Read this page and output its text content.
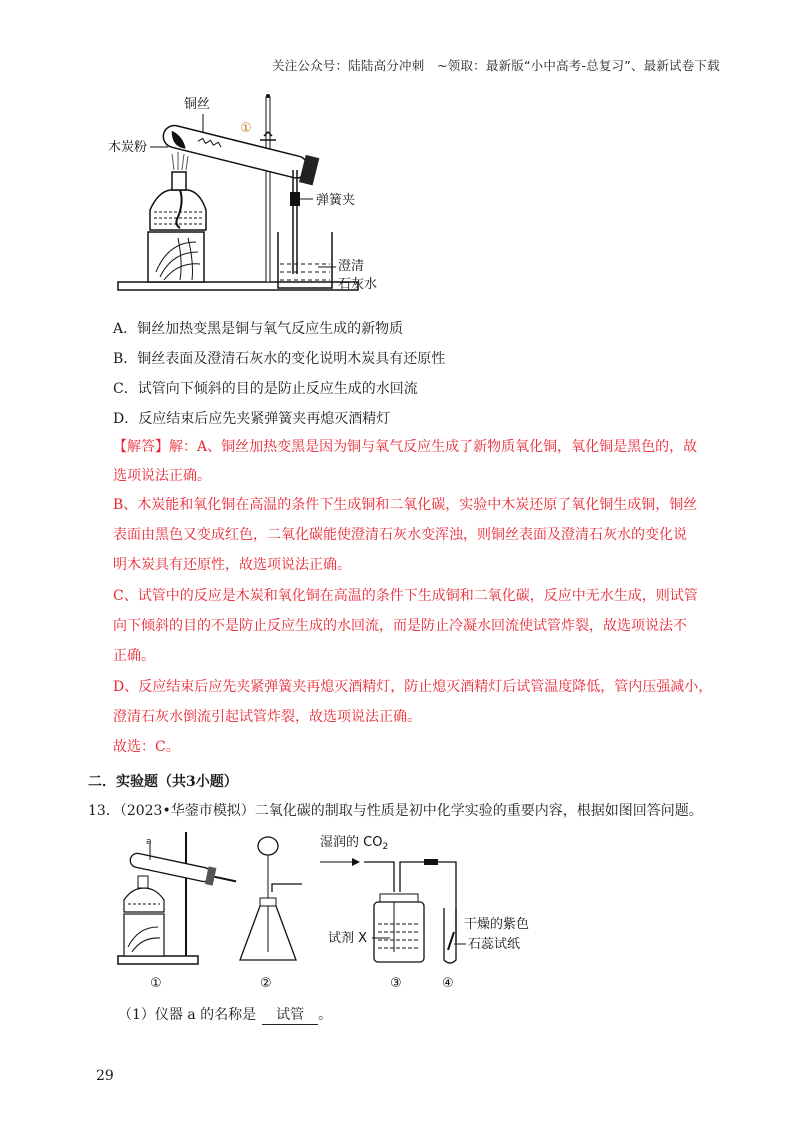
关注公众号：陆陆高分冲刺　~领取：最新版“小中高考-总复习”、最新试卷下载
铜丝
木炭粉
①
弹簧夹
澄清
石灰水
A．铜丝加热变黑是铜与氧气反应生成的新物质
B．铜丝表面及澄清石灰水的变化说明木炭具有还原性
C．试管向下倾斜的目的是防止反应生成的水回流
D．反应结束后应先夹紧弹簧夹再熄灭酒精灯
【解答】解：A、铜丝加热变黑是因为铜与氧气反应生成了新物质氧化铜，氧化铜是黑色的，故
选项说法正确。
B、木炭能和氧化铜在高温的条件下生成铜和二氧化碳，实验中木炭还原了氧化铜生成铜，铜丝
表面由黑色又变成红色，二氧化碳能使澄清石灰水变浑浊，则铜丝表面及澄清石灰水的变化说
明木炭具有还原性，故选项说法正确。
C、试管中的反应是木炭和氧化铜在高温的条件下生成铜和二氧化碳，反应中无水生成，则试管
向下倾斜的目的不是防止反应生成的水回流，而是防止冷凝水回流使试管炸裂，故选项说法不
正确。
D、反应结束后应先夹紧弹簧夹再熄灭酒精灯，防止熄灭酒精灯后试管温度降低，管内压强减小，
澄清石灰水倒流引起试管炸裂，故选项说法正确。
故选：C。
二．实验题（共3小题）
13．（2023•华蓥市模拟）二氧化碳的制取与性质是初中化学实验的重要内容，根据如图回答问题。
a
①	②
湿润的 $CO_2$
试剂 X
③
干燥的紫色
石蕊试纸
④
（1）仪器 a 的名称是 试管 。
29
